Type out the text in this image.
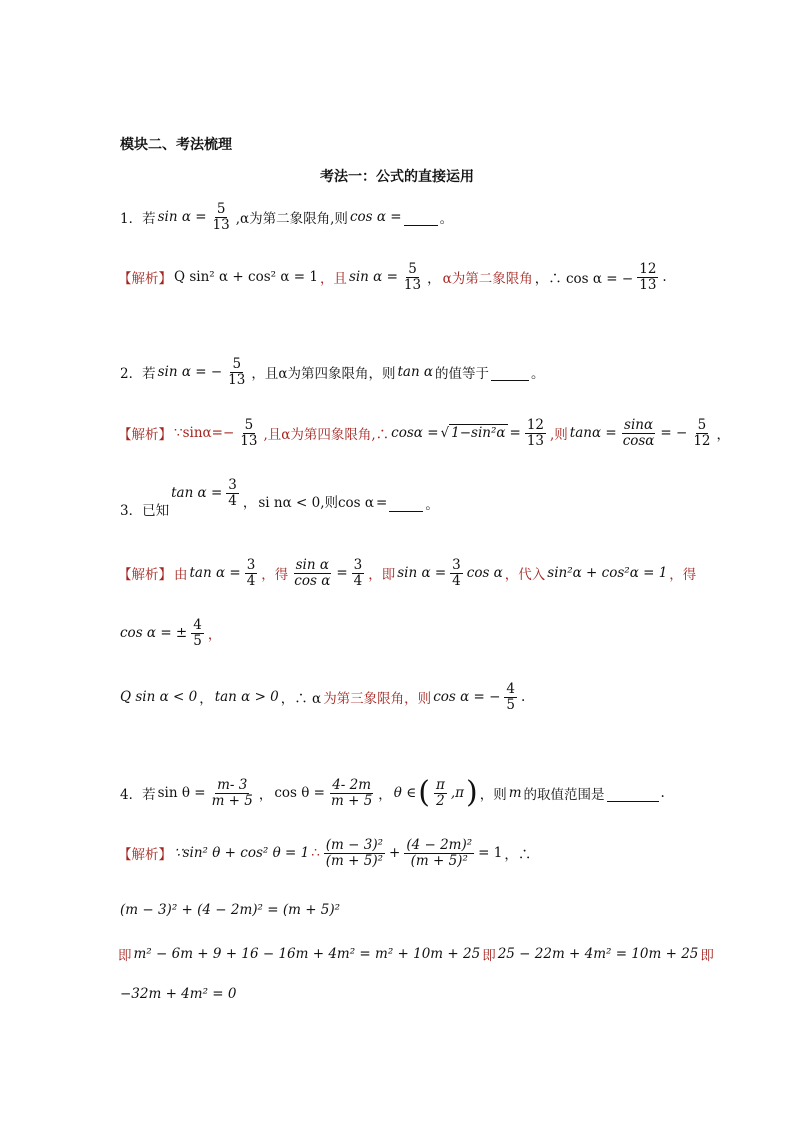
模块二、考法梳理
考法一：公式的直接运用
1．若 $\sin \alpha = \frac{5}{13} ,\alpha$为第二象限角,则 cos α =
	。
【解析】 Q sin² α + cos² α = 1 ，且 $\sin \alpha = \frac{5}{13}$ ， α为第二象限角 ，∴ cos α = − $\frac{12}{13}$ .
2．若 sin α = − $\frac{5}{13}$ ，且α为第四象限角，则 tan α 的值等于
	。
【解析】 ∵sinα=− $\frac{5}{13}$ ,且α为第四象限角,∴ cosα = √ $1-\sin^2\alpha = \frac{12}{13}$ ,则 $\tan\alpha = \frac{\sin\alpha}{\cos\alpha}$ = − $\frac{5}{12}$ ，
3．已知
$\tan \alpha = \frac{3}{4}$ ， si nα < 0,则cos α =
	。
【解析】 由 $\tan \alpha = \frac{3}{4}$ ，得 $\frac{\text{sin α}}{\text{cos α}} = \frac{3}{4}$ ，即 $\sin \alpha = \frac{3}{4}$ cos α ，代入 sin²α + cos²α = 1 ，得
cos α = ± $\frac{4}{5}$ ，
Q sin α < 0 ， tan α > 0 ，∴ α 为第三象限角，则 cos α = − $\frac{4}{5}$ .
4．若 $\sin \theta = \frac{m- 3}{m + 5}$ ， $\cos \theta = \frac{4- 2m}{m + 5}$ ， θ ∈ ( $\frac{\pi}{2} ,\pi$ ) ，则 m 的取值范围是
	.
【解析】 ∵sin² θ + cos² θ = 1 ∴ $\frac{\text{(m − 3)²}}{\text{(m + 5)²}} + \frac{\text{(4 − 2m)²}}{\text{(m + 5)²}} = 1$ ，∴
(m − 3)² + (4 − 2m)² = (m + 5)²
即 m² − 6m + 9 + 16 − 16m + 4m² = m² + 10m + 25 即 25 − 22m + 4m² = 10m + 25 即
−32m + 4m² = 0
